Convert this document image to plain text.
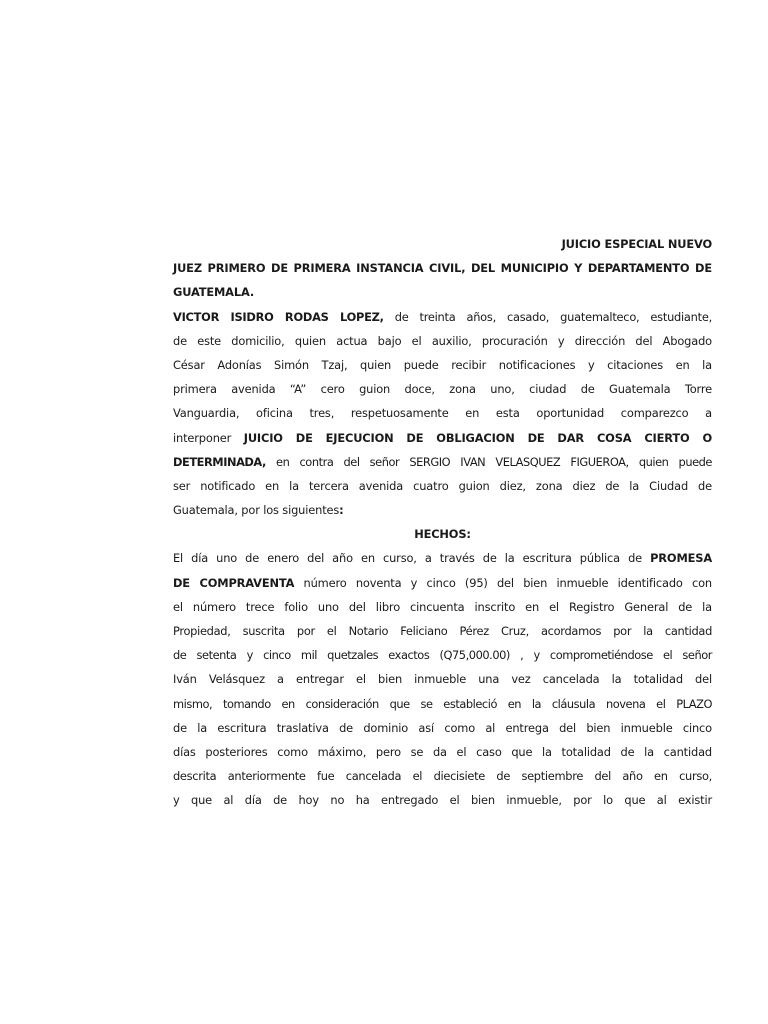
JUICIO ESPECIAL NUEVO
JUEZ PRIMERO DE PRIMERA INSTANCIA CIVIL, DEL MUNICIPIO Y DEPARTAMENTO DE
GUATEMALA.
VICTOR ISIDRO RODAS LOPEZ, de treinta años, casado, guatemalteco, estudiante,
de este domicilio, quien actua bajo el auxilio, procuración y dirección del Abogado
César Adonías Simón Tzaj, quien puede recibir notificaciones y citaciones en la
primera avenida “A” cero guion doce, zona uno, ciudad de Guatemala Torre
Vanguardia, oficina tres, respetuosamente en esta oportunidad comparezco a
interponer JUICIO DE EJECUCION DE OBLIGACION DE DAR COSA CIERTO O
DETERMINADA, en contra del señor SERGIO IVAN VELASQUEZ FIGUEROA, quien puede
ser notificado en la tercera avenida cuatro guion diez, zona diez de la Ciudad de
Guatemala, por los siguientes:
HECHOS:
El día uno de enero del año en curso, a través de la escritura pública de PROMESA
DE COMPRAVENTA número noventa y cinco (95) del bien inmueble identificado con
el número trece folio uno del libro cincuenta inscrito en el Registro General de la
Propiedad, suscrita por el Notario Feliciano Pérez Cruz, acordamos por la cantidad
de setenta y cinco mil quetzales exactos (Q75,000.00) , y comprometiéndose el señor
Iván Velásquez a entregar el bien inmueble una vez cancelada la totalidad del
mismo, tomando en consideración que se estableció en la cláusula novena el PLAZO
de la escritura traslativa de dominio así como al entrega del bien inmueble cinco
días posteriores como máximo, pero se da el caso que la totalidad de la cantidad
descrita anteriormente fue cancelada el diecisiete de septiembre del año en curso,
y que al día de hoy no ha entregado el bien inmueble, por lo que al existir
